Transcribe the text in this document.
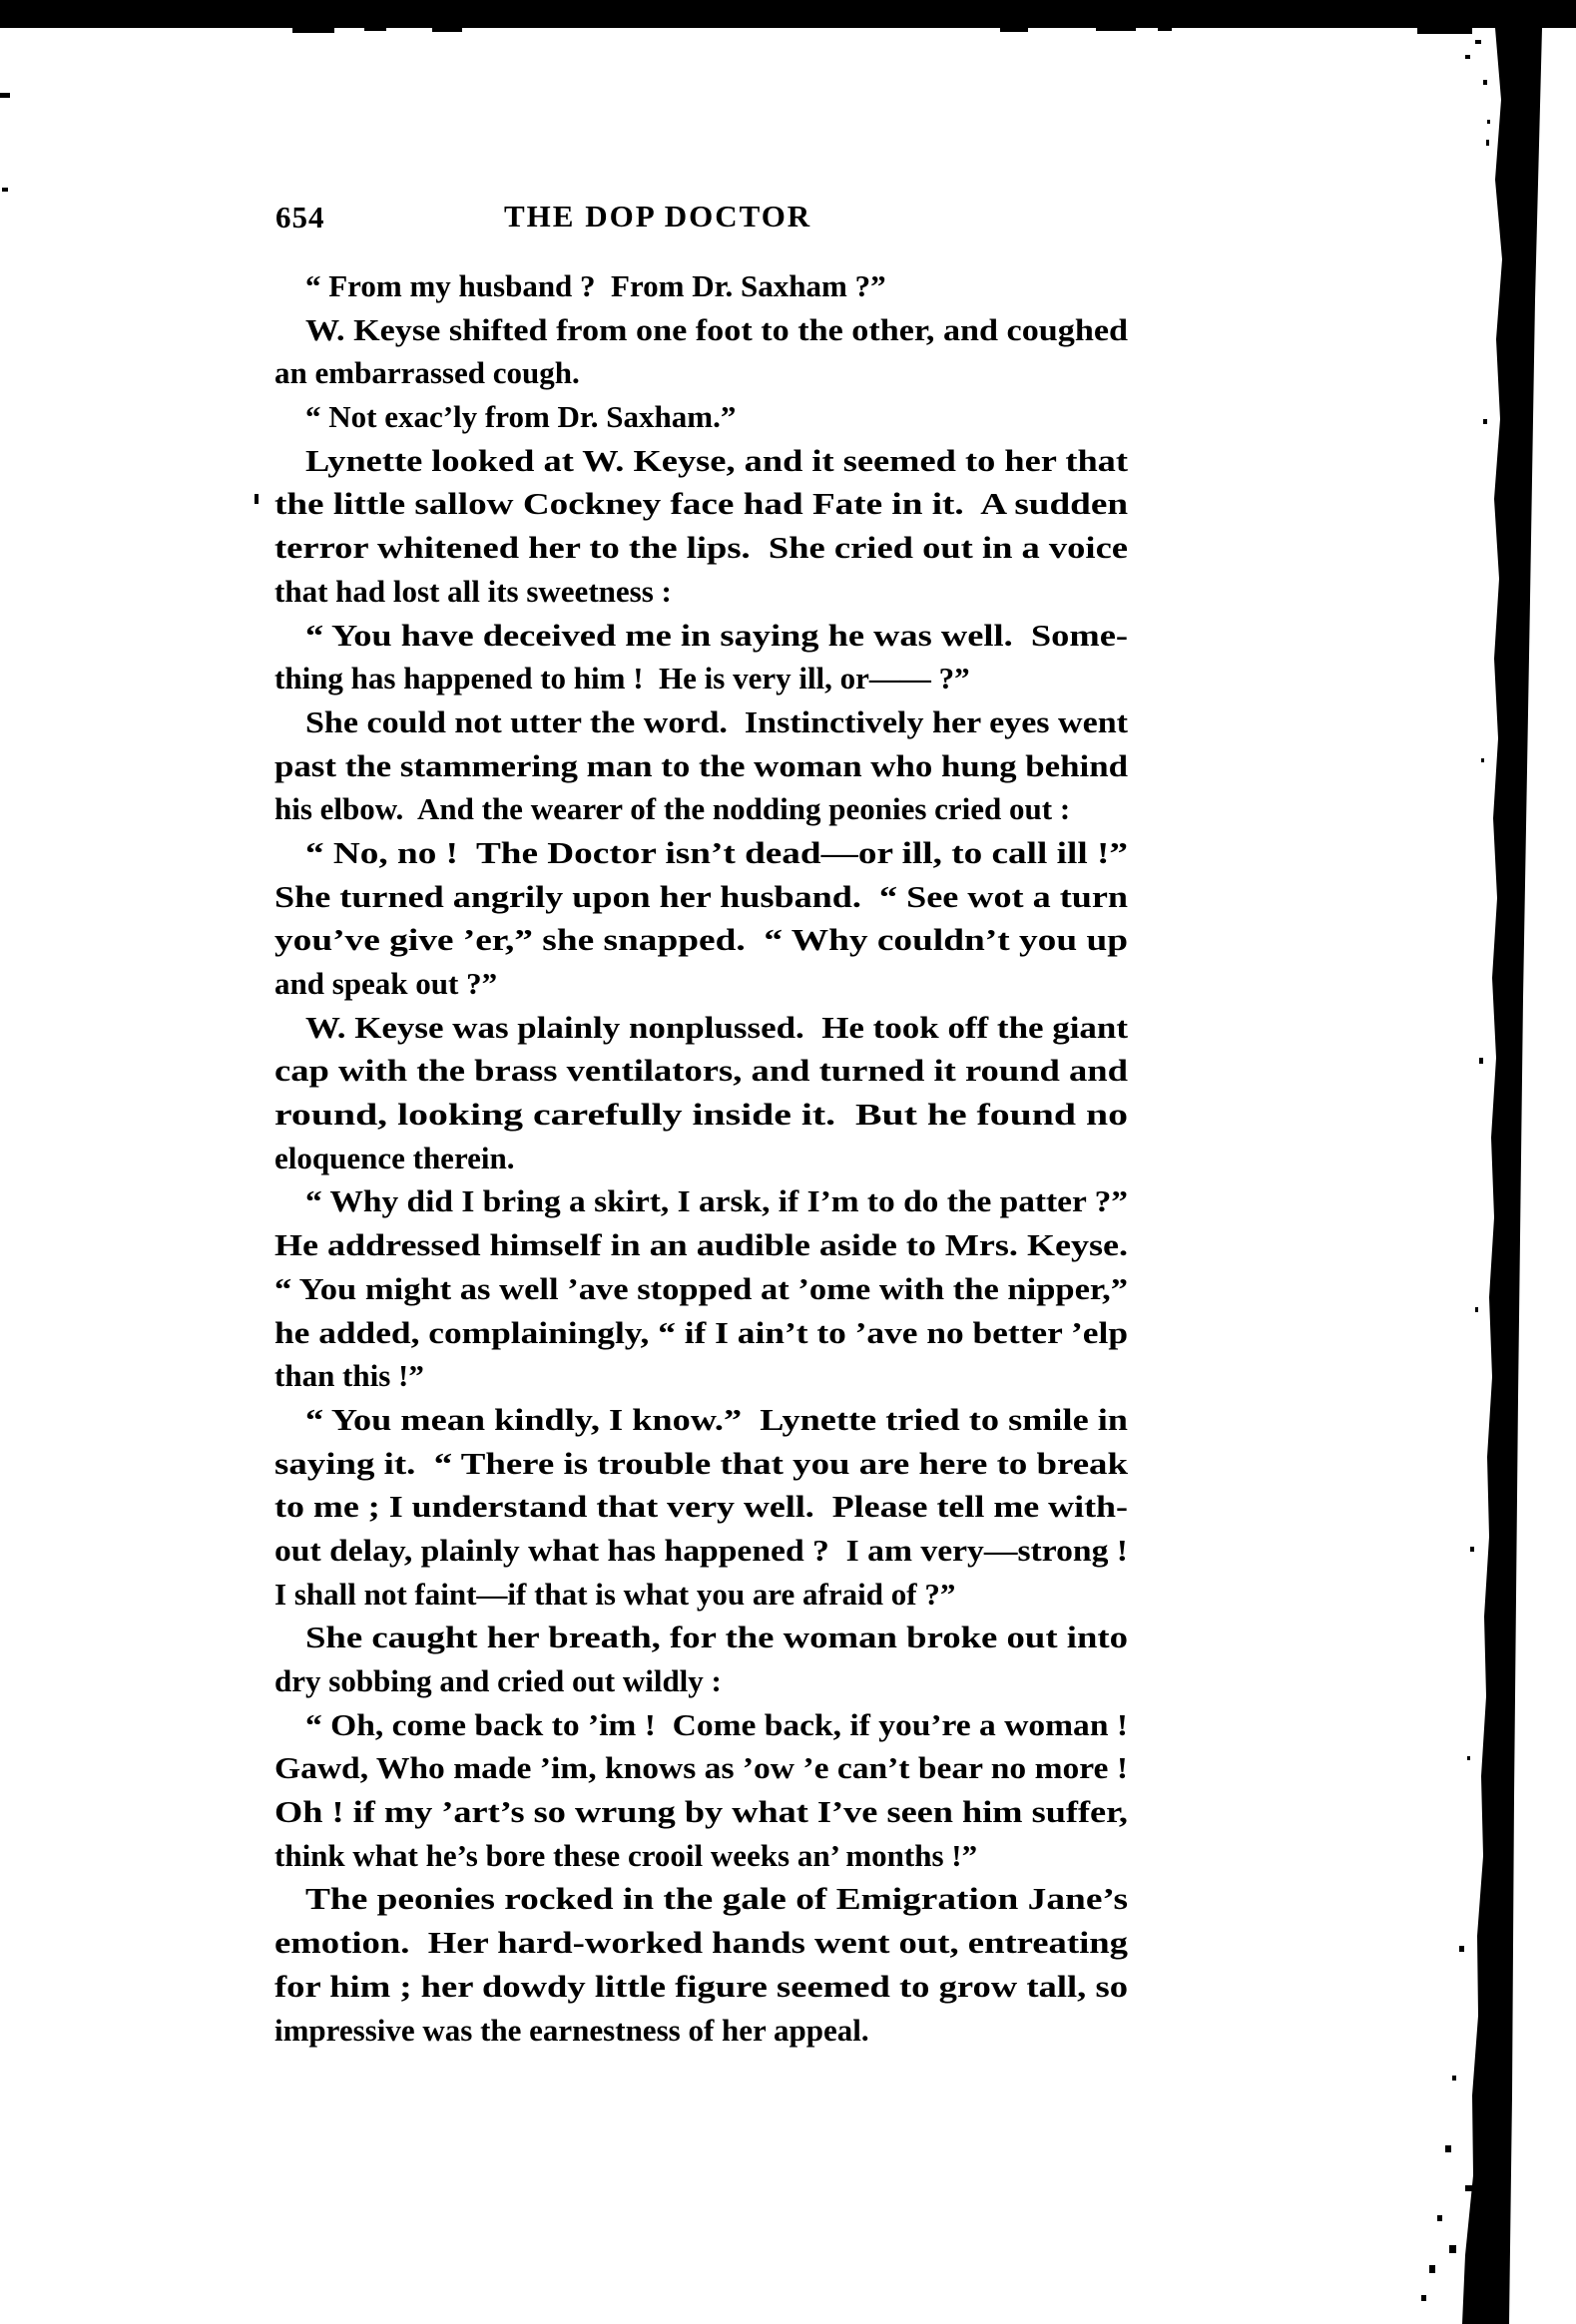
654	THE DOP DOCTOR
“ From my husband ?  From Dr. Saxham ?”
W. Keyse shifted from one foot to the other, and coughed
an embarrassed cough.
“ Not exac’ly from Dr. Saxham.”
Lynette looked at W. Keyse, and it seemed to her that
the little sallow Cockney face had Fate in it.  A sudden
terror whitened her to the lips.  She cried out in a voice
that had lost all its sweetness :
“ You have deceived me in saying he was well.  Some-
thing has happened to him !  He is very ill, or—— ?”
She could not utter the word.  Instinctively her eyes went
past the stammering man to the woman who hung behind
his elbow.  And the wearer of the nodding peonies cried out :
“ No, no !  The Doctor isn’t dead—or ill, to call ill !”
She turned angrily upon her husband.  “ See wot a turn
you’ve give ’er,” she snapped.  “ Why couldn’t you up
and speak out ?”
W. Keyse was plainly nonplussed.  He took off the giant
cap with the brass ventilators, and turned it round and
round, looking carefully inside it.  But he found no
eloquence therein.
“ Why did I bring a skirt, I arsk, if I’m to do the patter ?”
He addressed himself in an audible aside to Mrs. Keyse.
“ You might as well ’ave stopped at ’ome with the nipper,”
he added, complainingly, “ if I ain’t to ’ave no better ’elp
than this !”
“ You mean kindly, I know.”  Lynette tried to smile in
saying it.  “ There is trouble that you are here to break
to me ; I understand that very well.  Please tell me with-
out delay, plainly what has happened ?  I am very—strong !
I shall not faint—if that is what you are afraid of ?”
She caught her breath, for the woman broke out into
dry sobbing and cried out wildly :
“ Oh, come back to ’im !  Come back, if you’re a woman !
Gawd, Who made ’im, knows as ’ow ’e can’t bear no more !
Oh ! if my ’art’s so wrung by what I’ve seen him suffer,
think what he’s bore these crooil weeks an’ months !”
The peonies rocked in the gale of Emigration Jane’s
emotion.  Her hard-worked hands went out, entreating
for him ; her dowdy little figure seemed to grow tall, so
impressive was the earnestness of her appeal.
